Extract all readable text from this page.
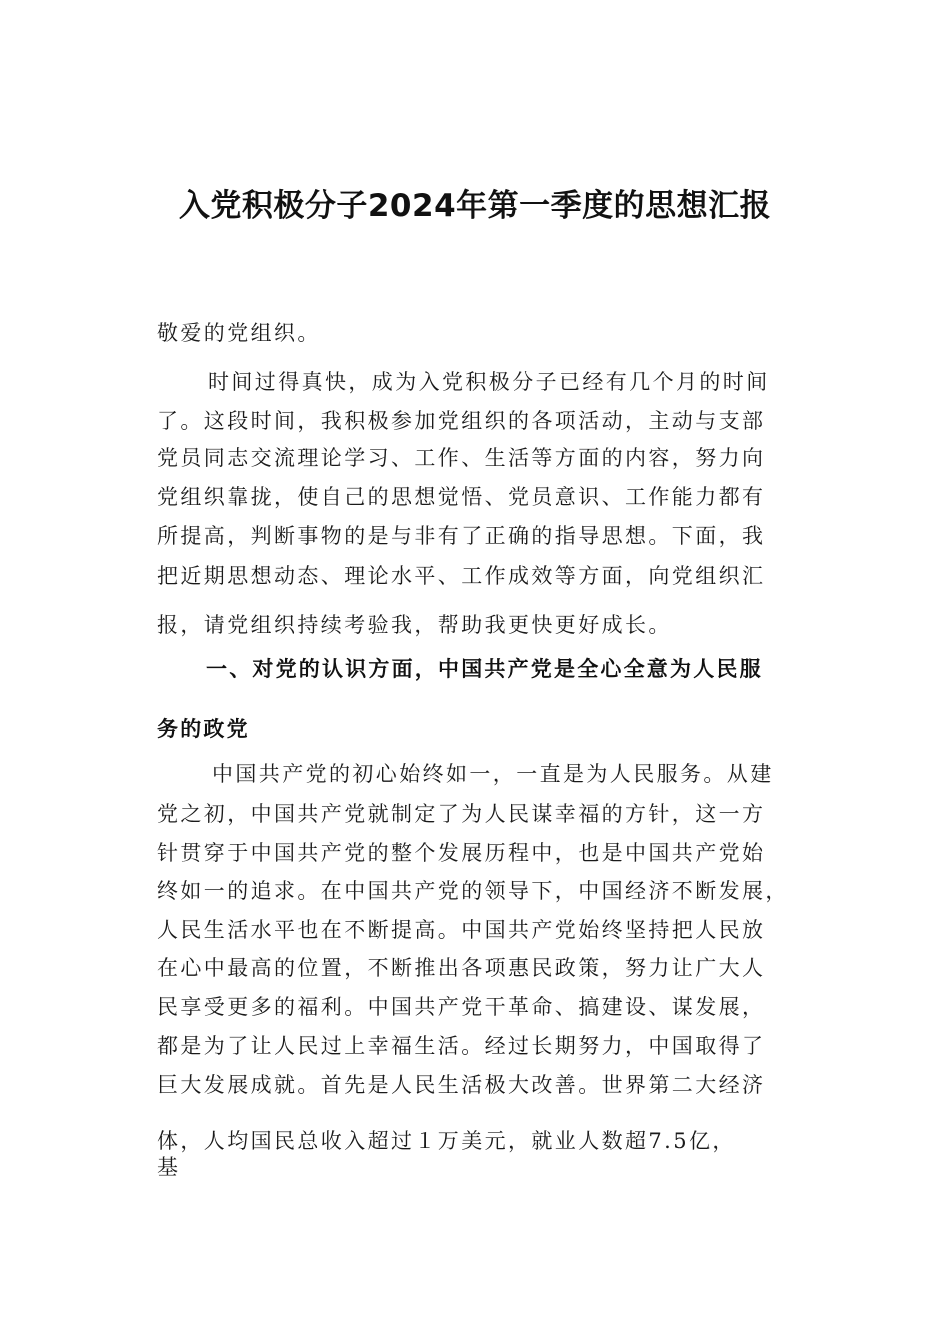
入党积极分子2024年第一季度的思想汇报
敬爱的党组织。
时间过得真快，成为入党积极分子已经有几个月的时间
了。这段时间，我积极参加党组织的各项活动，主动与支部
党员同志交流理论学习、工作、生活等方面的内容，努力向
党组织靠拢，使自己的思想觉悟、党员意识、工作能力都有
所提高，判断事物的是与非有了正确的指导思想。下面，我
把近期思想动态、理论水平、工作成效等方面，向党组织汇
报，请党组织持续考验我，帮助我更快更好成长。
一、对党的认识方面，中国共产党是全心全意为人民服
务的政党
中国共产党的初心始终如一，一直是为人民服务。从建
党之初，中国共产党就制定了为人民谋幸福的方针，这一方
针贯穿于中国共产党的整个发展历程中，也是中国共产党始
终如一的追求。在中国共产党的领导下，中国经济不断发展，
人民生活水平也在不断提高。中国共产党始终坚持把人民放
在心中最高的位置，不断推出各项惠民政策，努力让广大人
民享受更多的福利。中国共产党干革命、搞建设、谋发展，
都是为了让人民过上幸福生活。经过长期努力，中国取得了
巨大发展成就。首先是人民生活极大改善。世界第二大经济
体，人均国民总收入超过１万美元，就业人数超7.5亿，
基
